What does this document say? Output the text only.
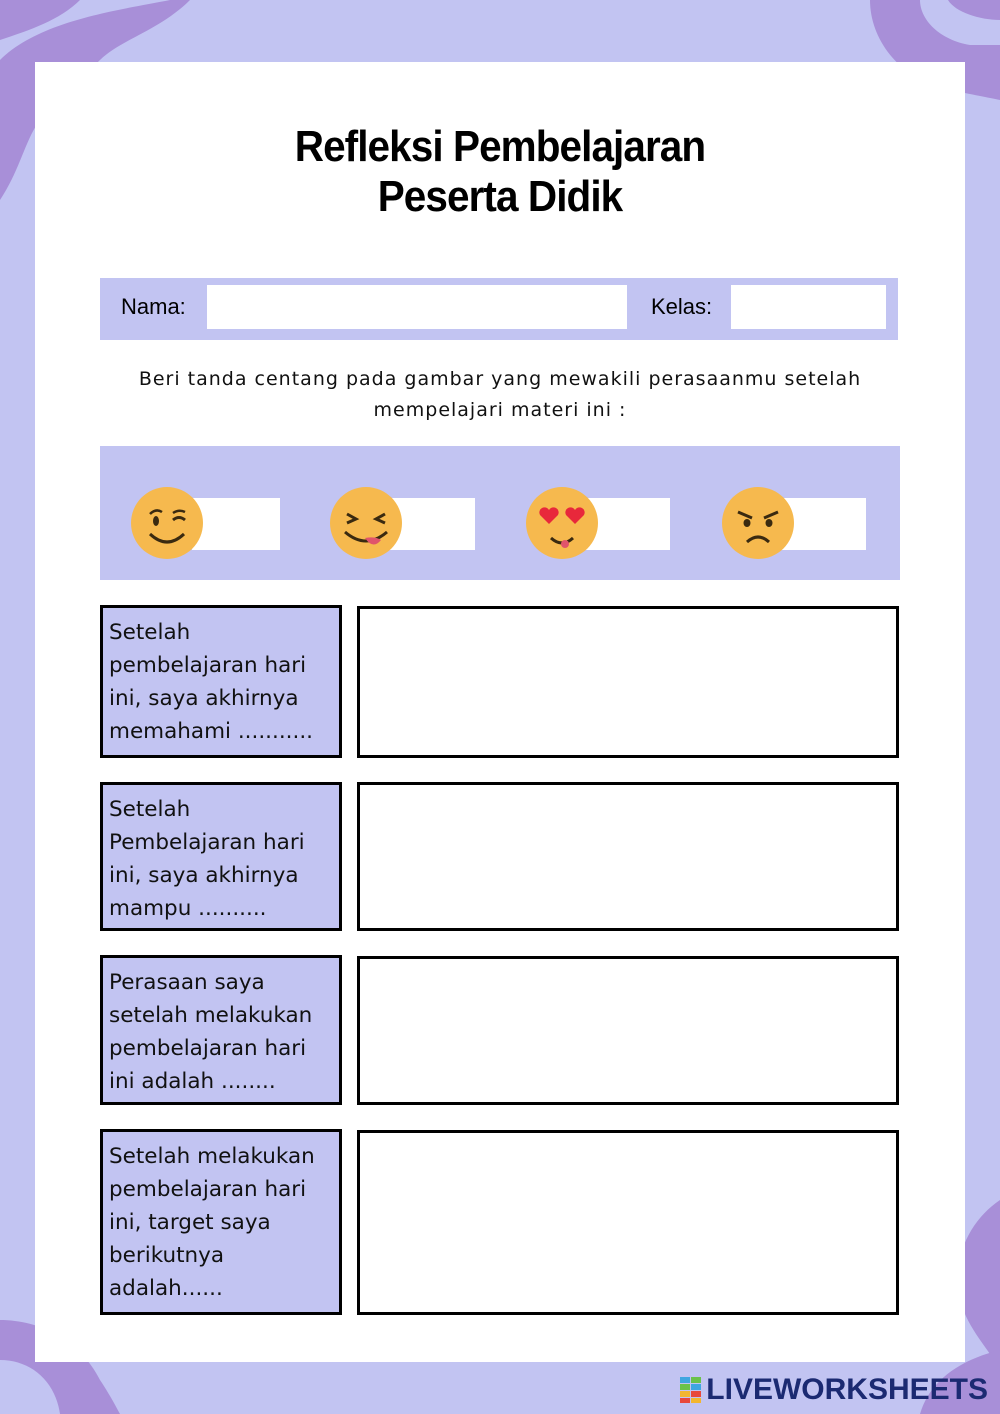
Refleksi Pembelajaran
Peserta Didik
Nama:	Kelas:
Beri tanda centang pada gambar yang mewakili perasaanmu setelah
mempelajari materi ini :
Setelah
pembelajaran hari
ini, saya akhirnya
memahami ...........
Setelah
Pembelajaran hari
ini, saya akhirnya
mampu ..........
Perasaan saya
setelah melakukan
pembelajaran hari
ini adalah ........
Setelah melakukan
pembelajaran hari
ini, target saya
berikutnya
adalah......
LIVEWORKSHEETS
